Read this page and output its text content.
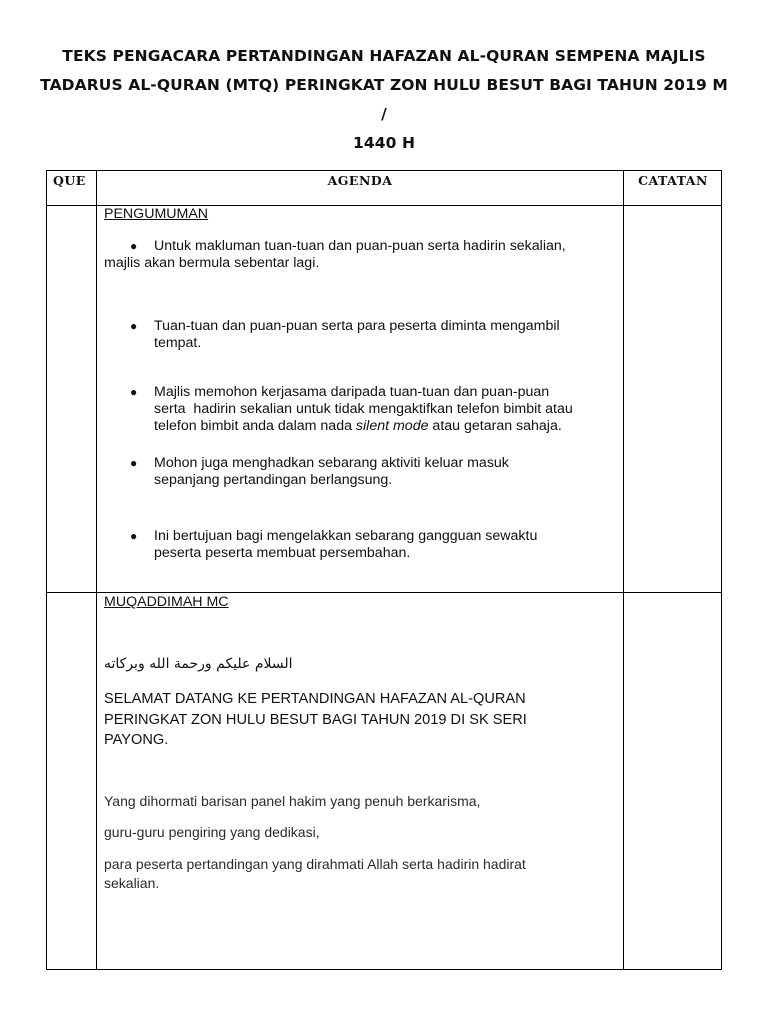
TEKS PENGACARA PERTANDINGAN HAFAZAN AL-QURAN SEMPENA MAJLIS
TADARUS AL-QURAN (MTQ) PERINGKAT ZON HULU BESUT BAGI TAHUN 2019 M /
1440 H
QUE	AGENDA	CATATAN
PENGUMUMAN
●	Untuk makluman tuan-tuan dan puan-puan serta hadirin sekalian,
majlis akan bermula sebentar lagi.
●	Tuan-tuan dan puan-puan serta para peserta diminta mengambil
tempat.
●	Majlis memohon kerjasama daripada tuan-tuan dan puan-puan
serta  hadirin sekalian untuk tidak mengaktifkan telefon bimbit atau
telefon bimbit anda dalam nada silent mode atau getaran sahaja.
●	Mohon juga menghadkan sebarang aktiviti keluar masuk
sepanjang pertandingan berlangsung.
●	Ini bertujuan bagi mengelakkan sebarang gangguan sewaktu
peserta peserta membuat persembahan.
MUQADDIMAH MC
السلام عليكم ورحمة الله وبركاته
SELAMAT DATANG KE PERTANDINGAN HAFAZAN AL-QURAN
PERINGKAT ZON HULU BESUT BAGI TAHUN 2019 DI SK SERI
PAYONG.
Yang dihormati barisan panel hakim yang penuh berkarisma,
guru-guru pengiring yang dedikasi,
para peserta pertandingan yang dirahmati Allah serta hadirin hadirat
sekalian.
